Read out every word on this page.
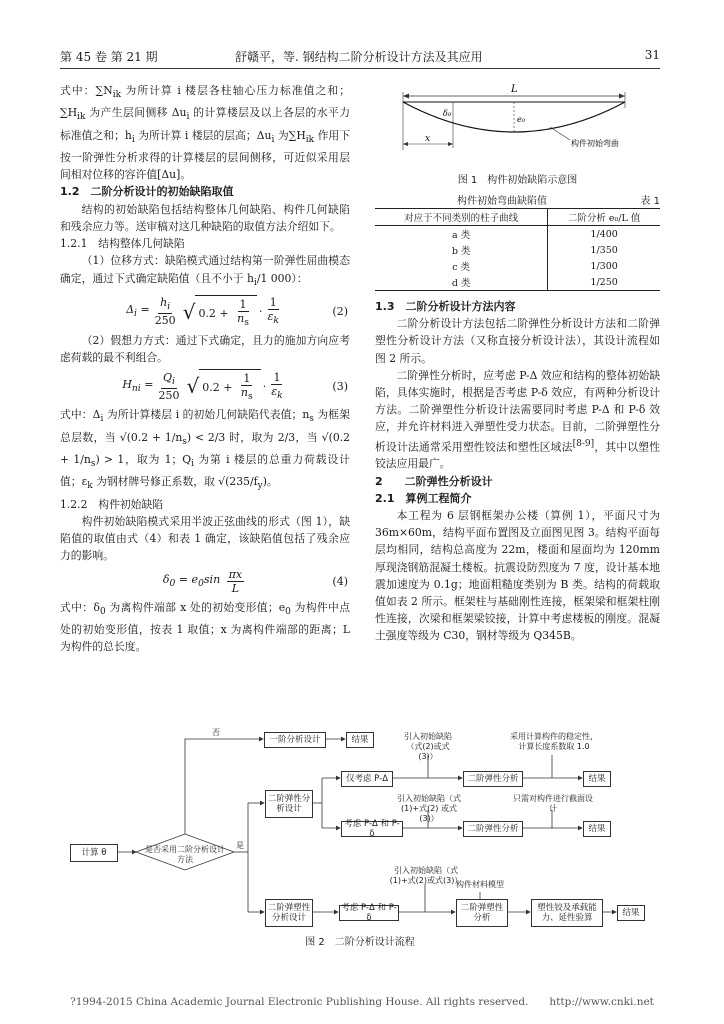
第 45 卷 第 21 期	舒赣平，等. 钢结构二阶分析设计方法及其应用	31

式中：$\sum N_{ik}$ 为所计算 i 楼层各柱轴心压力标准值之和；$\sum H_{ik}$ 为产生层间侧移 $\Delta u_i$ 的计算楼层及以上各层的水平力标准值之和；$h_i$ 为所计算 i 楼层的层高；$\Delta u_i$ 为$\sum H_{ik}$ 作用下按一阶弹性分析求得的计算楼层的层间侧移，可近似采用层间相对位移的容许值[Δu]。

1.2　二阶分析设计的初始缺陷取值

结构的初始缺陷包括结构整体几何缺陷、构件几何缺陷和残余应力等。送审稿对这几种缺陷的取值方法介绍如下。

1.2.1　结构整体几何缺陷

（1）位移方式：缺陷模式通过结构第一阶弹性屈曲模态确定，通过下式确定缺陷值（且不小于 $h_i/1$ 000）：

$\Delta_i = \frac{h_i}{250}$ √ $0.2 + \frac{1}{n_s} \cdot \frac{1}{\varepsilon_k}$	(2)

（2）假想力方式：通过下式确定，且力的施加方向应考虑荷载的最不利组合。

$H_{ni} = \frac{Q_i}{250}$ √ $0.2 + \frac{1}{n_s} \cdot \frac{1}{\varepsilon_k}$	(3)

式中：$\Delta_i$ 为所计算楼层 i 的初始几何缺陷代表值；$n_s$ 为框架总层数，当 $√(0.2 + 1/n_s) < 2/3$ 时，取为 2/3，当 $√(0.2 + 1/n_s) > 1$，取为 1；$Q_i$ 为第 i 楼层的总重力荷载设计值；$\varepsilon_k$ 为钢材牌号修正系数，取 $√(235/f_y)$。

1.2.2　构件初始缺陷

构件初始缺陷模式采用半波正弦曲线的形式（图 1），缺陷值的取值由式（4）和表 1 确定，该缺陷值包括了残余应力的影响。

$\delta_0 = e_0\sin \frac{\pi x}{L}$	(4)

式中：$\delta_0$ 为离构件端部 x 处的初始变形值；$e_0$ 为构件中点处的初始变形值，按表 1 取值；x 为离构件端部的距离；L 为构件的总长度。

L
e₀
δ₀
x	构件初始弯曲
图 1　构件初始缺陷示意图
构件初始弯曲缺陷值	表 1
对应于不同类别的柱子曲线	二阶分析 e₀/L 值
a 类	1/400
b 类	1/350
c 类	1/300
d 类	1/250
1.3　二阶分析设计方法内容

二阶分析设计方法包括二阶弹性分析设计方法和二阶弹塑性分析设计方法（又称直接分析设计法），其设计流程如图 2 所示。

二阶弹性分析时，应考虑 P-Δ 效应和结构的整体初始缺陷，具体实施时，根据是否考虑 P-δ 效应，有两种分析设计方法。二阶弹塑性分析设计法需要同时考虑 P-Δ 和 P-δ 效应，并允许材料进入弹塑性受力状态。目前，二阶弹塑性分析设计法通常采用塑性铰法和塑性区域法[8-9]，其中以塑性铰法应用最广。

2　　二阶弹性分析设计
2.1　算例工程简介

本工程为 6 层钢框架办公楼（算例 1），平面尺寸为 36m×60m，结构平面布置图及立面图见图 3。结构平面每层均相同，结构总高度为 22m，楼面和屋面均为 120mm 厚现浇钢筋混凝土楼板。抗震设防烈度为 7 度，设计基本地震加速度为 0.1g；地面粗糙度类别为 B 类。结构的荷载取值如表 2 所示。框架柱与基础刚性连接，框架梁和框架柱刚性连接，次梁和框架梁铰接，计算中考虑楼板的刚度。混凝土强度等级为 C30，钢材等级为 Q345B。

计算 θ	是否采用二阶分析设计方法
否
是
一阶分析设计	结果
二阶弹性分析设计
仅考虑 P-Δ
引入初始缺陷（式(2)或式(3)）
二阶弹性分析
采用计算构件的稳定性，计算长度系数取 1.0
结果
考虑 P-Δ 和 P-δ
引入初始缺陷（式(1)+式(2) 或式(3)）
二阶弹性分析
只需对构件进行截面设计
结果
二阶弹塑性分析设计
考虑 P-Δ 和 P-δ
引入初始缺陷（式(1)+式(2)或式(3)）
构件材料模型
二阶弹塑性分析
塑性铰及承载能力、延性验算	结果
图 2　二阶分析设计流程
?1994-2015 China Academic Journal Electronic Publishing House. All rights reserved.　　http://www.cnki.net
